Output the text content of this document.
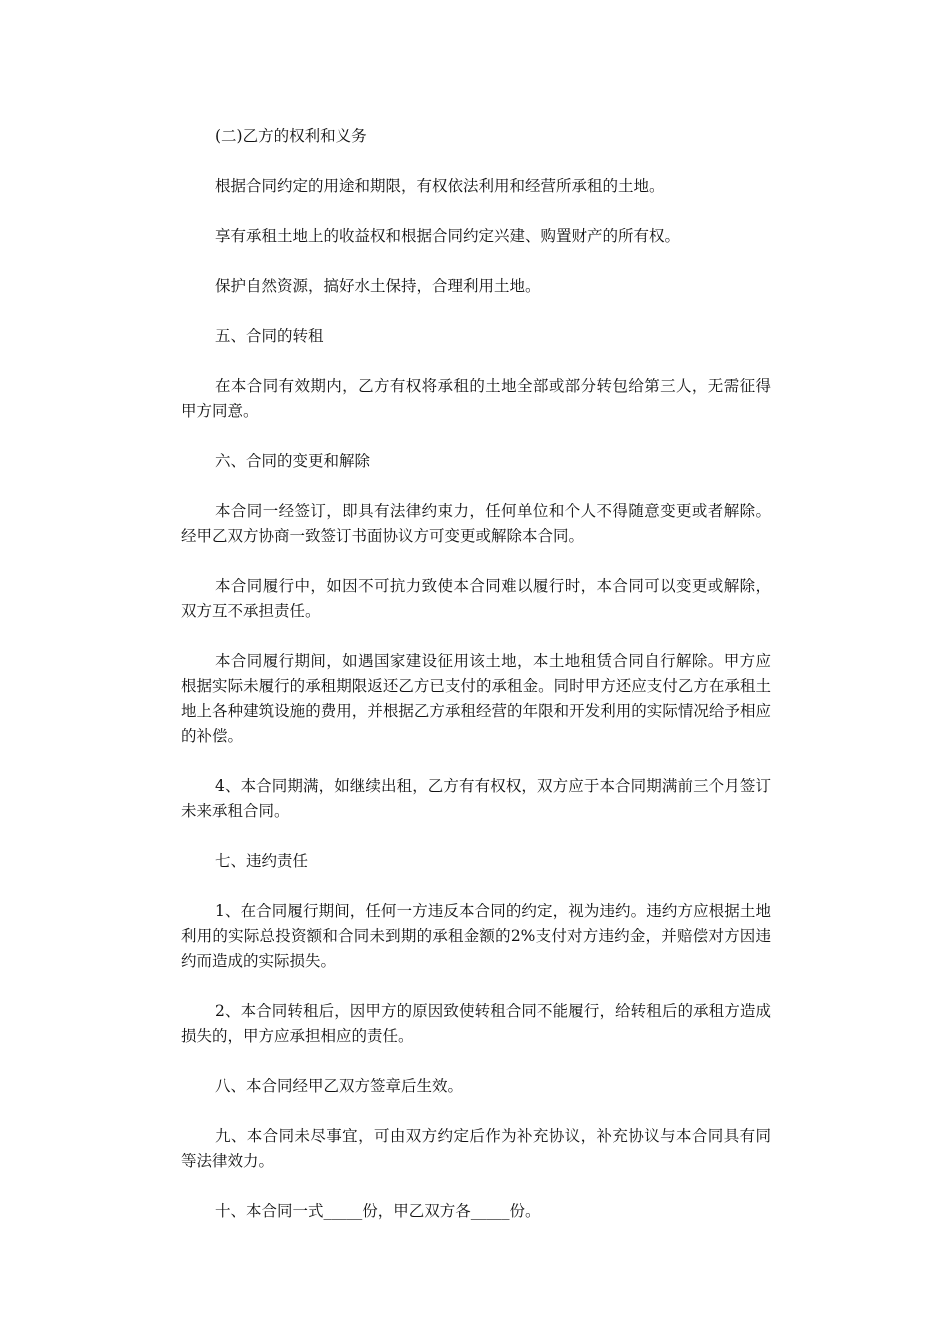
(二)乙方的权利和义务

根据合同约定的用途和期限，有权依法利用和经营所承租的土地。

享有承租土地上的收益权和根据合同约定兴建、购置财产的所有权。

保护自然资源，搞好水土保持，合理利用土地。

五、合同的转租

在本合同有效期内，乙方有权将承租的土地全部或部分转包给第三人，无需征得甲方同意。

六、合同的变更和解除

本合同一经签订，即具有法律约束力，任何单位和个人不得随意变更或者解除。经甲乙双方协商一致签订书面协议方可变更或解除本合同。

本合同履行中，如因不可抗力致使本合同难以履行时，本合同可以变更或解除，双方互不承担责任。

本合同履行期间，如遇国家建设征用该土地，本土地租赁合同自行解除。甲方应根据实际未履行的承租期限返还乙方已支付的承租金。同时甲方还应支付乙方在承租土地上各种建筑设施的费用，并根据乙方承租经营的年限和开发利用的实际情况给予相应的补偿。

4、本合同期满，如继续出租，乙方有有权权，双方应于本合同期满前三个月签订未来承租合同。

七、违约责任

1、在合同履行期间，任何一方违反本合同的约定，视为违约。违约方应根据土地利用的实际总投资额和合同未到期的承租金额的2%支付对方违约金，并赔偿对方因违约而造成的实际损失。

2、本合同转租后，因甲方的原因致使转租合同不能履行，给转租后的承租方造成损失的，甲方应承担相应的责任。

八、本合同经甲乙双方签章后生效。

九、本合同未尽事宜，可由双方约定后作为补充协议，补充协议与本合同具有同等法律效力。

十、本合同一式_____份，甲乙双方各_____份。
